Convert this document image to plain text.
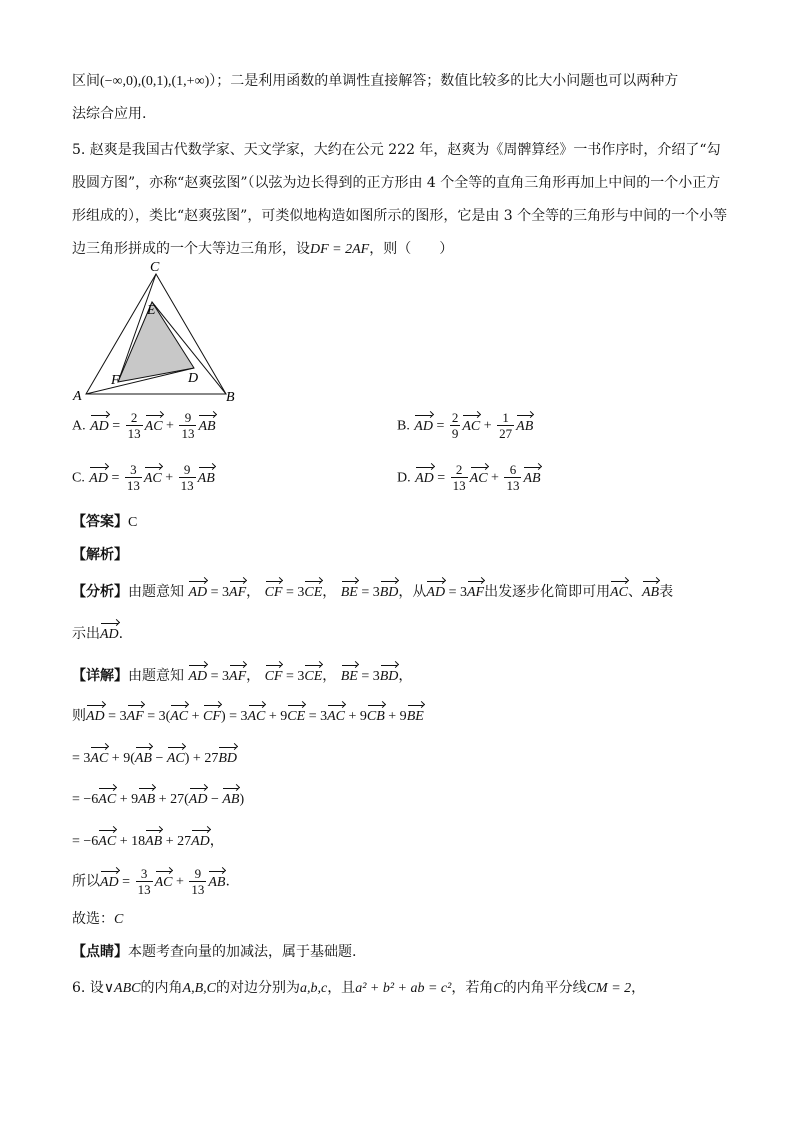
区间(−∞,0),(0,1),(1,+∞)）；二是利用函数的单调性直接解答；数值比较多的比大小问题也可以两种方
法综合应用.
5. 赵爽是我国古代数学家、天文学家，大约在公元 222 年，赵爽为《周髀算经》一书作序时，介绍了“勾
股圆方图”，亦称“赵爽弦图”（以弦为边长得到的正方形由 4 个全等的直角三角形再加上中间的一个小正方
形组成的），类比“赵爽弦图”，可类似地构造如图所示的图形，它是由 3 个全等的三角形与中间的一个小等
边三角形拼成的一个大等边三角形，设DF = 2AF，则（　　）
A	B
C
E
F	D
A. AD = $\frac{2}{13}$ AC + $\frac{9}{13}$ AB	B. AD = $\frac{2}{9}$ AC + $\frac{1}{27}$ AB
C. AD = $\frac{3}{13}$ AC + $\frac{9}{13}$ AB	D. AD = $\frac{2}{13}$ AC + $\frac{6}{13}$ AB
【答案】C
【解析】
【分析】由题意知 AD = 3AF， CF = 3CE， BE = 3BD，从AD = 3AF出发逐步化简即可用AC、AB表
示出AD.
【详解】由题意知 AD = 3AF， CF = 3CE， BE = 3BD，
则AD = 3AF = 3(AC + CF) = 3AC + 9CE = 3AC + 9CB + 9BE
= 3AC + 9(AB − AC) + 27BD
= −6AC + 9AB + 27(AD − AB)
= −6AC + 18AB + 27AD，
所以AD = $\frac{3}{13}$ AC + $\frac{9}{13}$ AB.
故选：C
【点睛】本题考查向量的加减法，属于基础题.
6. 设∨ABC的内角A,B,C的对边分别为a,b,c，且a² + b² + ab = c²，若角C的内角平分线CM = 2，
